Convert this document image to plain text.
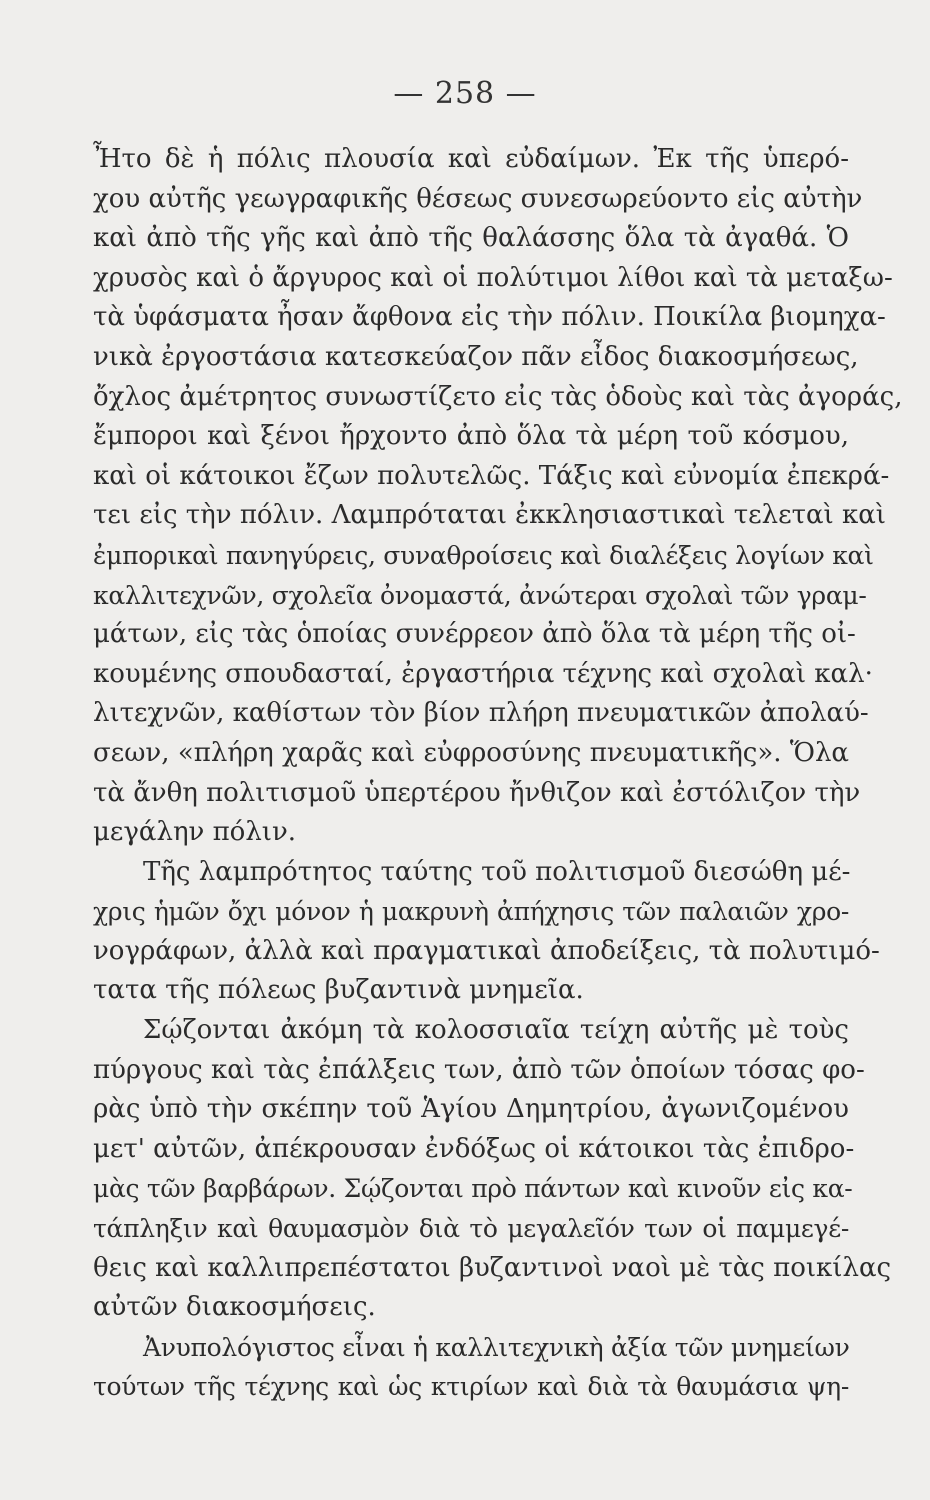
— 258 —
Ἦτο δὲ ἡ πόλις πλουσία καὶ εὐδαίμων. Ἐκ τῆς ὑπερό-
χου αὐτῆς γεωγραφικῆς θέσεως συνεσωρεύοντο εἰς αὐτὴν
καὶ ἀπὸ τῆς γῆς καὶ ἀπὸ τῆς θαλάσσης ὅλα τὰ ἀγαθά. Ὁ
χρυσὸς καὶ ὁ ἄργυρος καὶ οἱ πολύτιμοι λίθοι καὶ τὰ μεταξω-
τὰ ὑφάσματα ἦσαν ἄφθονα εἰς τὴν πόλιν. Ποικίλα βιομηχα-
νικὰ ἐργοστάσια κατεσκεύαζον πᾶν εἶδος διακοσμήσεως,
ὄχλος ἀμέτρητος συνωστίζετο εἰς τὰς ὁδοὺς καὶ τὰς ἀγοράς,
ἔμποροι καὶ ξένοι ἤρχοντο ἀπὸ ὅλα τὰ μέρη τοῦ κόσμου,
καὶ οἱ κάτοικοι ἔζων πολυτελῶς. Τάξις καὶ εὐνομία ἐπεκρά-
τει εἰς τὴν πόλιν. Λαμπρόταται ἐκκλησιαστικαὶ τελεταὶ καὶ
ἐμπορικαὶ πανηγύρεις, συναθροίσεις καὶ διαλέξεις λογίων καὶ
καλλιτεχνῶν, σχολεῖα ὀνομαστά, ἀνώτεραι σχολαὶ τῶν γραμ-
μάτων, εἰς τὰς ὁποίας συνέρρεον ἀπὸ ὅλα τὰ μέρη τῆς οἰ-
κουμένης σπουδασταί, ἐργαστήρια τέχνης καὶ σχολαὶ καλ·
λιτεχνῶν, καθίστων τὸν βίον πλήρη πνευματικῶν ἀπολαύ-
σεων, «πλήρη χαρᾶς καὶ εὐφροσύνης πνευματικῆς». Ὅλα
τὰ ἄνθη πολιτισμοῦ ὑπερτέρου ἤνθιζον καὶ ἐστόλιζον τὴν
μεγάλην πόλιν.
Τῆς λαμπρότητος ταύτης τοῦ πολιτισμοῦ διεσώθη μέ-
χρις ἡμῶν ὄχι μόνον ἡ μακρυνὴ ἀπήχησις τῶν παλαιῶν χρο-
νογράφων, ἀλλὰ καὶ πραγματικαὶ ἀποδείξεις, τὰ πολυτιμό-
τατα τῆς πόλεως βυζαντινὰ μνημεῖα.
Σῴζονται ἀκόμη τὰ κολοσσιαῖα τείχη αὐτῆς μὲ τοὺς
πύργους καὶ τὰς ἐπάλξεις των, ἀπὸ τῶν ὁποίων τόσας φο-
ρὰς ὑπὸ τὴν σκέπην τοῦ Ἁγίου Δημητρίου, ἀγωνιζομένου
μετ' αὐτῶν, ἀπέκρουσαν ἐνδόξως οἱ κάτοικοι τὰς ἐπιδρο-
μὰς τῶν βαρβάρων. Σῴζονται πρὸ πάντων καὶ κινοῦν εἰς κα-
τάπληξιν καὶ θαυμασμὸν διὰ τὸ μεγαλεῖόν των οἱ παμμεγέ-
θεις καὶ καλλιπρεπέστατοι βυζαντινοὶ ναοὶ μὲ τὰς ποικίλας
αὐτῶν διακοσμήσεις.
Ἀνυπολόγιστος εἶναι ἡ καλλιτεχνικὴ ἀξία τῶν μνημείων
τούτων τῆς τέχνης καὶ ὡς κτιρίων καὶ διὰ τὰ θαυμάσια ψη-
